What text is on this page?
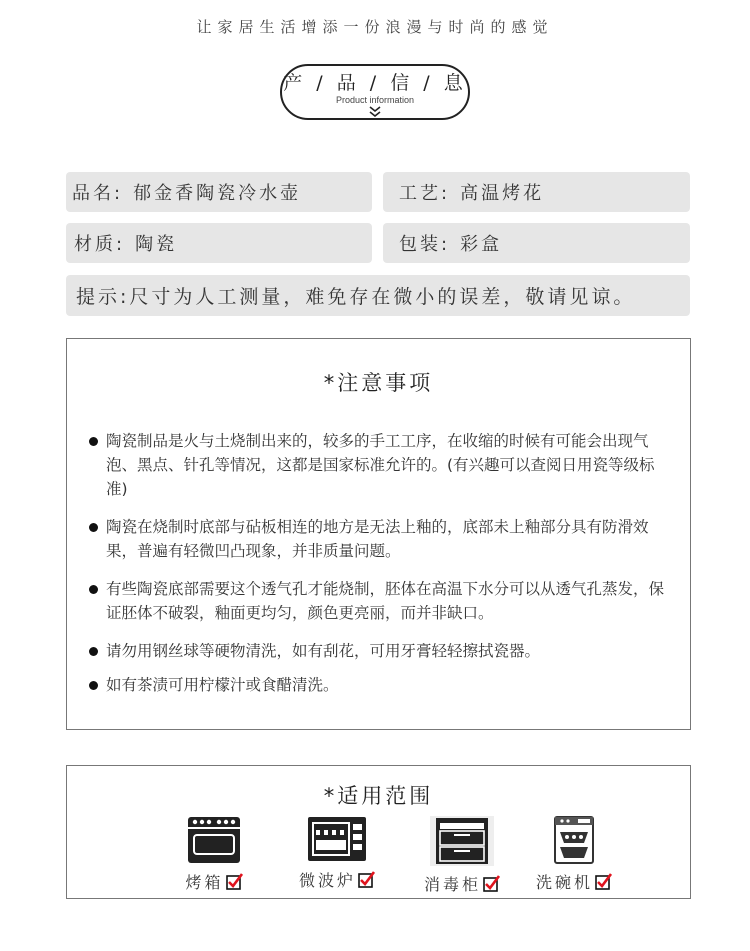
让家居生活增添一份浪漫与时尚的感觉
产 / 品 / 信 / 息
Product information
品名: 郁金香陶瓷冷水壶	工艺: 高温烤花
材质: 陶瓷	包装: 彩盒
提示:尺寸为人工测量，难免存在微小的误差，敬请见谅。
*注意事项
陶瓷制品是火与土烧制出来的，较多的手工工序，在收缩的时候有可能会出现气泡、黑点、针孔等情况，这都是国家标准允许的。(有兴趣可以查阅日用瓷等级标准)
陶瓷在烧制时底部与砧板相连的地方是无法上釉的，底部未上釉部分具有防滑效果，普遍有轻微凹凸现象，并非质量问题。
有些陶瓷底部需要这个透气孔才能烧制，胚体在高温下水分可以从透气孔蒸发，保证胚体不破裂，釉面更均匀，颜色更亮丽，而并非缺口。
请勿用钢丝球等硬物清洗，如有刮花，可用牙膏轻轻擦拭瓷器。
如有茶渍可用柠檬汁或食醋清洗。
*适用范围
烤箱	微波炉	消毒柜	洗碗机
